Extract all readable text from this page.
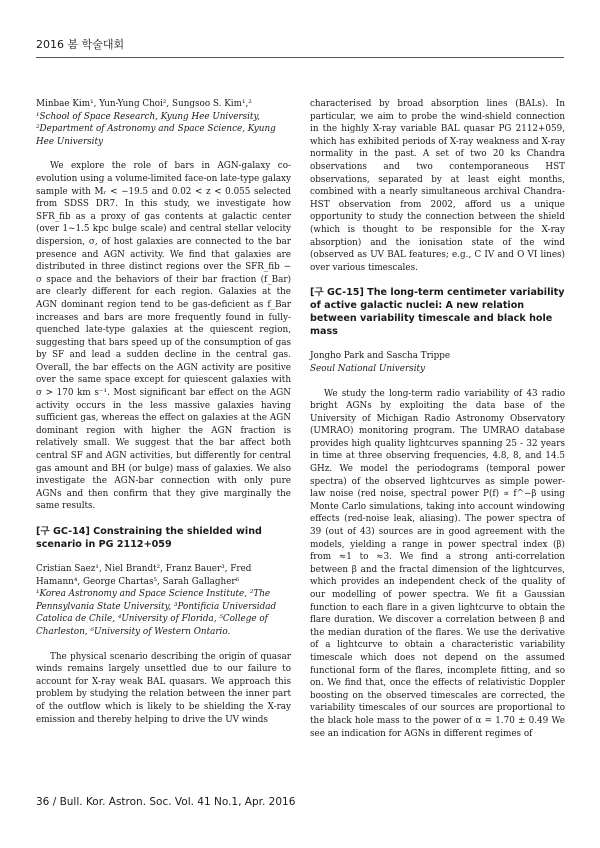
2016 봄 학술대회

Minbae Kim¹, Yun-Yung Choi², Sungsoo S. Kim¹,²

¹School of Space Research, Kyung Hee University, ²Department of Astronomy and Space Science, Kyung Hee University

We explore the role of bars in AGN-galaxy co-evolution using a volume-limited face-on late-type galaxy sample with Mᵣ < −19.5 and 0.02 < z < 0.055 selected from SDSS DR7. In this study, we investigate how SFR_fib as a proxy of gas contents at galactic center (over 1~1.5 kpc bulge scale) and central stellar velocity dispersion, σ, of host galaxies are connected to the bar presence and AGN activity. We find that galaxies are distributed in three distinct regions over the SFR_fib − σ space and the behaviors of their bar fraction (f_Bar) are clearly different for each region. Galaxies at the AGN dominant region tend to be gas-deficient as f_Bar increases and bars are more frequently found in fully-quenched late-type galaxies at the quiescent region, suggesting that bars speed up of the consumption of gas by SF and lead a sudden decline in the central gas. Overall, the bar effects on the AGN activity are positive over the same space except for quiescent galaxies with σ > 170 km s⁻¹. Most significant bar effect on the AGN activity occurs in the less massive galaxies having sufficient gas, whereas the effect on galaxies at the AGN dominant region with higher the AGN fraction is relatively small. We suggest that the bar affect both central SF and AGN activities, but differently for central gas amount and BH (or bulge) mass of galaxies. We also investigate the AGN-bar connection with only pure AGNs and then confirm that they give marginally the same results.

[구 GC-14] Constraining the shielded wind scenario in PG 2112+059

Cristian Saez¹, Niel Brandt², Franz Bauer³, Fred Hamann⁴, George Chartas⁵, Sarah Gallagher⁶

¹Korea Astronomy and Space Science Institute, ²The Pennsylvania State University, ³Pontificia Universidad Catolica de Chile, ⁴University of Florida, ⁵College of Charleston, ⁶University of Western Ontario.

The physical scenario describing the origin of quasar winds remains largely unsettled due to our failure to account for X-ray weak BAL quasars. We approach this problem by studying the relation between the inner part of the outflow which is likely to be shielding the X-ray emission and thereby helping to drive the UV winds

characterised by broad absorption lines (BALs). In particular, we aim to probe the wind-shield connection in the highly X-ray variable BAL quasar PG 2112+059, which has exhibited periods of X-ray weakness and X-ray normality in the past. A set of two 20 ks Chandra observations and two contemporaneous HST observations, separated by at least eight months, combined with a nearly simultaneous archival Chandra-HST observation from 2002, afford us a unique opportunity to study the connection between the shield (which is thought to be responsible for the X-ray absorption) and the ionisation state of the wind (observed as UV BAL features; e.g., C IV and O VI lines) over various timescales.

[구 GC-15] The long-term centimeter variability of active galactic nuclei: A new relation between variability timescale and black hole mass

Jongho Park and Sascha Trippe

Seoul National University

We study the long-term radio variability of 43 radio bright AGNs by exploiting the data base of the University of Michigan Radio Astronomy Observatory (UMRAO) monitoring program. The UMRAO database provides high quality lightcurves spanning 25 - 32 years in time at three observing frequencies, 4.8, 8, and 14.5 GHz. We model the periodograms (temporal power spectra) of the observed lightcurves as simple power-law noise (red noise, spectral power P(f) ∝ f^−β using Monte Carlo simulations, taking into account windowing effects (red-noise leak, aliasing). The power spectra of 39 (out of 43) sources are in good agreement with the models, yielding a range in power spectral index (β) from ≈1 to ≈3. We find a strong anti-correlation between β and the fractal dimension of the lightcurves, which provides an independent check of the quality of our modelling of power spectra. We fit a Gaussian function to each flare in a given lightcurve to obtain the flare duration. We discover a correlation between β and the median duration of the flares. We use the derivative of a lightcurve to obtain a characteristic variability timescale which does not depend on the assumed functional form of the flares, incomplete fitting, and so on. We find that, once the effects of relativistic Doppler boosting on the observed timescales are corrected, the variability timescales of our sources are proportional to the black hole mass to the power of α = 1.70 ± 0.49 We see an indication for AGNs in different regimes of

36 / Bull. Kor. Astron. Soc. Vol. 41 No.1, Apr. 2016
